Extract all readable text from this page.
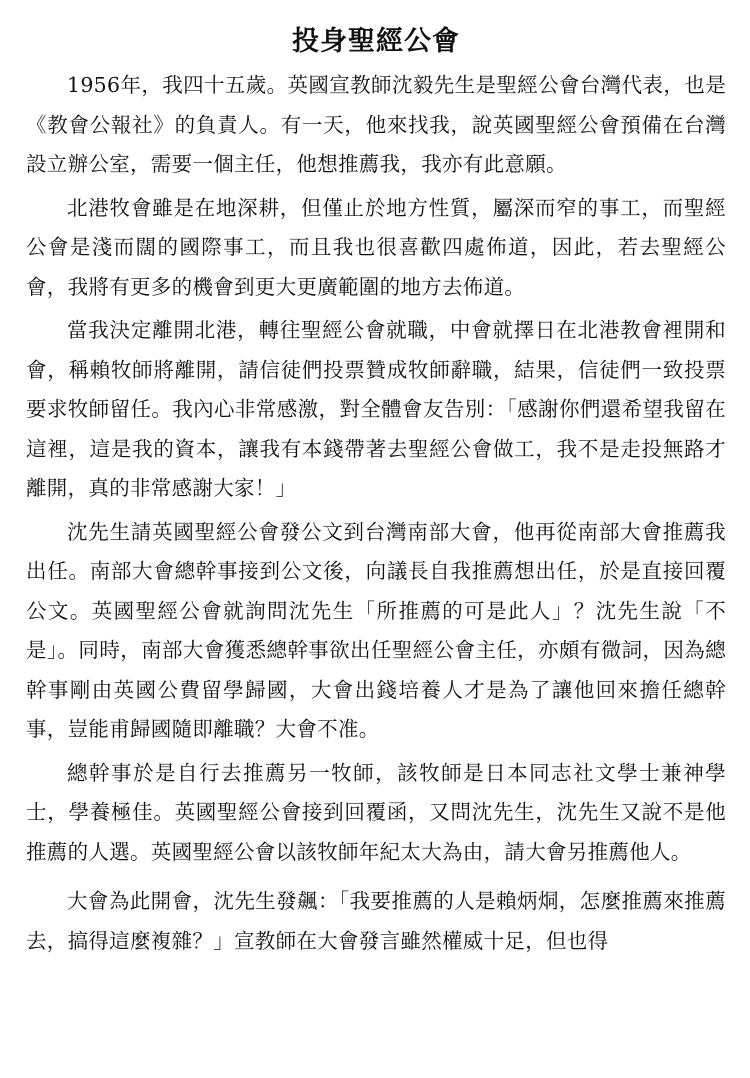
投身聖經公會

1956年，我四十五歲。英國宣教師沈毅先生是聖經公會台灣代表，也是《教會公報社》的負責人。有一天，他來找我，說英國聖經公會預備在台灣設立辦公室，需要一個主任，他想推薦我，我亦有此意願。

北港牧會雖是在地深耕，但僅止於地方性質，屬深而窄的事工，而聖經公會是淺而闊的國際事工，而且我也很喜歡四處佈道，因此，若去聖經公會，我將有更多的機會到更大更廣範圍的地方去佈道。

當我決定離開北港，轉往聖經公會就職，中會就擇日在北港教會裡開和會，稱賴牧師將離開，請信徒們投票贊成牧師辭職，結果，信徒們一致投票要求牧師留任。我內心非常感激，對全體會友告別：「感謝你們還希望我留在這裡，這是我的資本，讓我有本錢帶著去聖經公會做工，我不是走投無路才離開，真的非常感謝大家！」

沈先生請英國聖經公會發公文到台灣南部大會，他再從南部大會推薦我出任。南部大會總幹事接到公文後，向議長自我推薦想出任，於是直接回覆公文。英國聖經公會就詢問沈先生「所推薦的可是此人」？沈先生說「不是」。同時，南部大會獲悉總幹事欲出任聖經公會主任，亦頗有微詞，因為總幹事剛由英國公費留學歸國，大會出錢培養人才是為了讓他回來擔任總幹事，豈能甫歸國隨即離職？大會不准。

總幹事於是自行去推薦另一牧師，該牧師是日本同志社文學士兼神學士，學養極佳。英國聖經公會接到回覆函，又問沈先生，沈先生又說不是他推薦的人選。英國聖經公會以該牧師年紀太大為由，請大會另推薦他人。

大會為此開會，沈先生發飆：「我要推薦的人是賴炳烔，怎麼推薦來推薦去，搞得這麼複雜？」宣教師在大會發言雖然權威十足，但也得
